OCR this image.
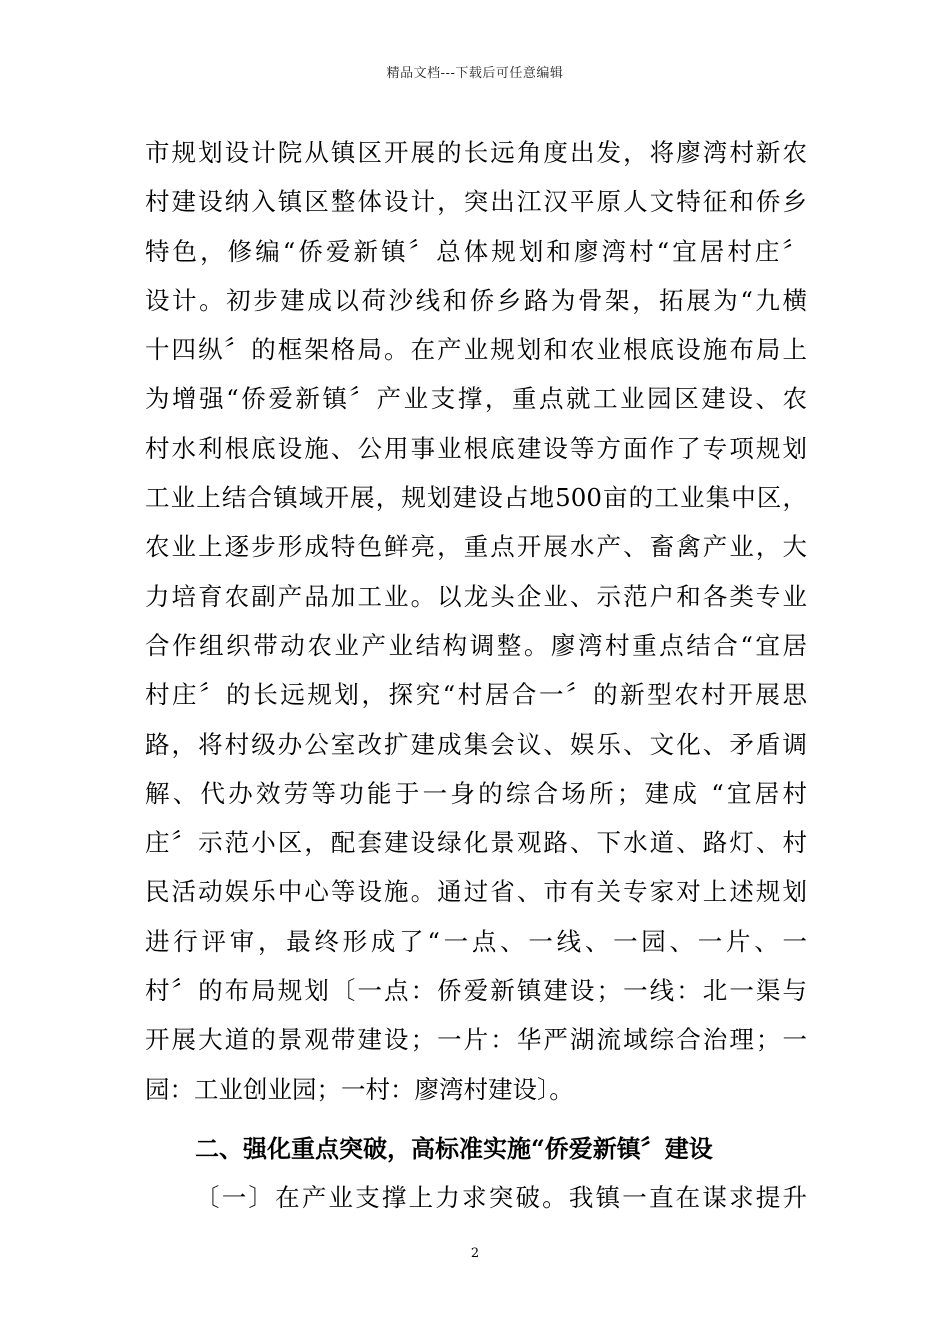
精品文档---下载后可任意编辑
市规划设计院从镇区开展的长远角度出发，将廖湾村新农
村建设纳入镇区整体设计，突出江汉平原人文特征和侨乡
特色，修编“侨爱新镇〞总体规划和廖湾村“宜居村庄〞
设计。初步建成以荷沙线和侨乡路为骨架，拓展为“九横
十四纵〞的框架格局。在产业规划和农业根底设施布局上
为增强“侨爱新镇〞产业支撑，重点就工业园区建设、农
村水利根底设施、公用事业根底建设等方面作了专项规划
工业上结合镇域开展，规划建设占地500亩的工业集中区，
农业上逐步形成特色鲜亮，重点开展水产、畜禽产业，大
力培育农副产品加工业。以龙头企业、示范户和各类专业
合作组织带动农业产业结构调整。廖湾村重点结合“宜居
村庄〞的长远规划，探究“村居合一〞的新型农村开展思
路，将村级办公室改扩建成集会议、娱乐、文化、矛盾调
解、代办效劳等功能于一身的综合场所；建成 “宜居村
庄〞示范小区，配套建设绿化景观路、下水道、路灯、村
民活动娱乐中心等设施。通过省、市有关专家对上述规划
进行评审，最终形成了“一点、一线、一园、一片、一
村〞的布局规划〔一点：侨爱新镇建设；一线：北一渠与
开展大道的景观带建设；一片：华严湖流域综合治理；一
园：工业创业园；一村：廖湾村建设〕。
二、强化重点突破，高标准实施“侨爱新镇〞建设
〔一〕在产业支撑上力求突破。我镇一直在谋求提升
2
